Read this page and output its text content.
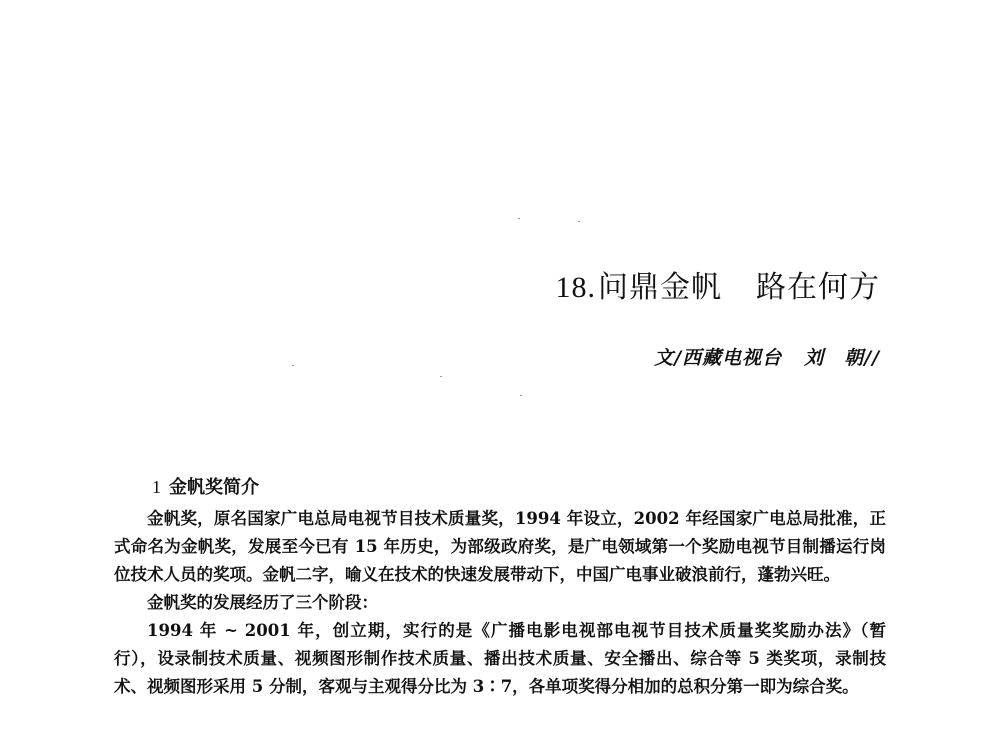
18.问鼎金帆 路在何方
文/西藏电视台 刘　朝//
1 金帆奖简介

金帆奖，原名国家广电总局电视节目技术质量奖，1994 年设立，2002 年经国家广电总局批准，正式命名为金帆奖，发展至今已有 15 年历史，为部级政府奖，是广电领域第一个奖励电视节目制播运行岗位技术人员的奖项。金帆二字，喻义在技术的快速发展带动下，中国广电事业破浪前行，蓬勃兴旺。

金帆奖的发展经历了三个阶段：

1994 年 ~ 2001 年，创立期，实行的是《广播电影电视部电视节目技术质量奖奖励办法》（暂行），设录制技术质量、视频图形制作技术质量、播出技术质量、安全播出、综合等 5 类奖项，录制技术、视频图形采用 5 分制，客观与主观得分比为 3∶7，各单项奖得分相加的总积分第一即为综合奖。
